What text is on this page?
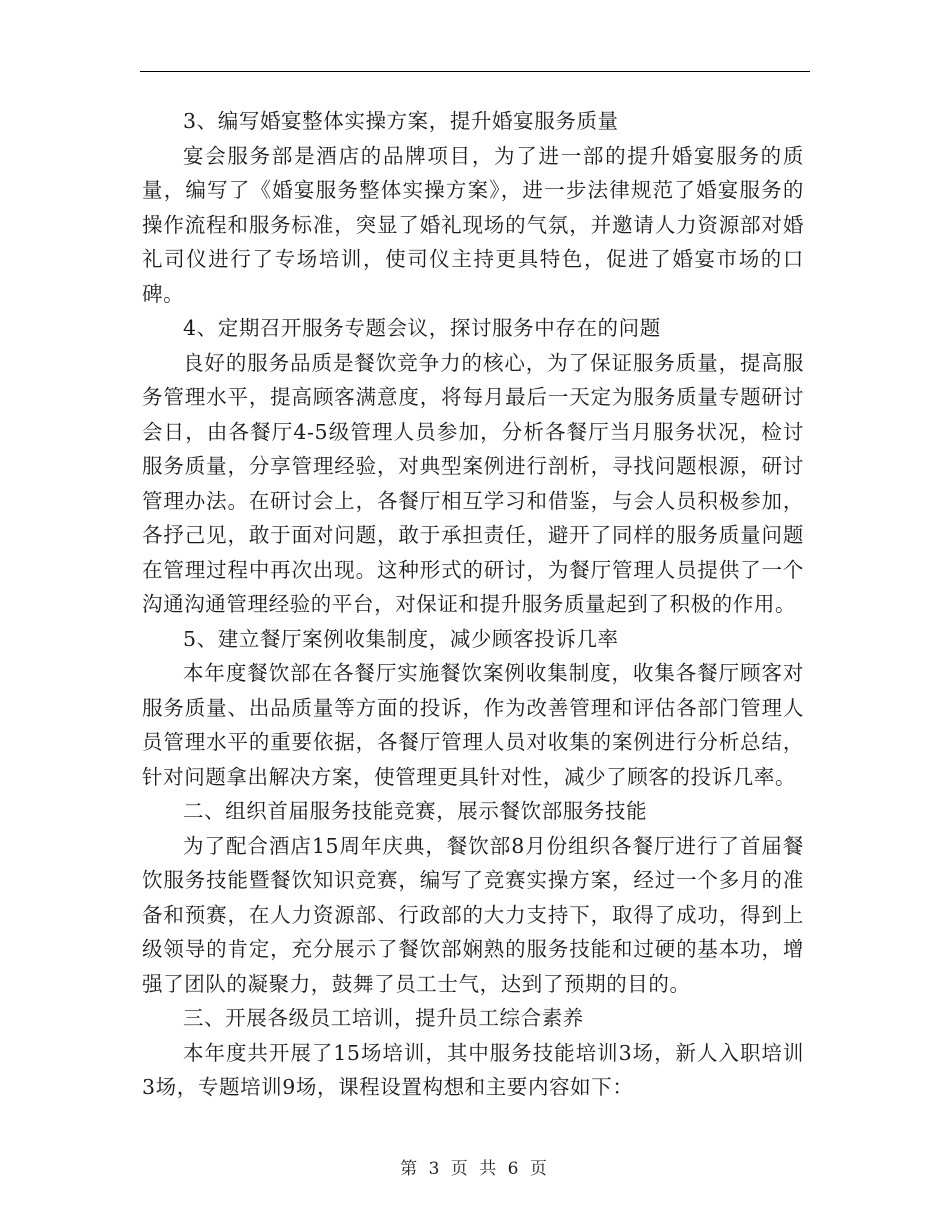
3、编写婚宴整体实操方案，提升婚宴服务质量

宴会服务部是酒店的品牌项目，为了进一部的提升婚宴服务的质量，编写了《婚宴服务整体实操方案》，进一步法律规范了婚宴服务的操作流程和服务标准，突显了婚礼现场的气氛，并邀请人力资源部对婚礼司仪进行了专场培训，使司仪主持更具特色，促进了婚宴市场的口碑。

4、定期召开服务专题会议，探讨服务中存在的问题

良好的服务品质是餐饮竞争力的核心，为了保证服务质量，提高服务管理水平，提高顾客满意度，将每月最后一天定为服务质量专题研讨会日，由各餐厅4-5级管理人员参加，分析各餐厅当月服务状况，检讨服务质量，分享管理经验，对典型案例进行剖析，寻找问题根源，研讨管理办法。在研讨会上，各餐厅相互学习和借鉴，与会人员积极参加，各抒己见，敢于面对问题，敢于承担责任，避开了同样的服务质量问题在管理过程中再次出现。这种形式的研讨，为餐厅管理人员提供了一个沟通沟通管理经验的平台，对保证和提升服务质量起到了积极的作用。

5、建立餐厅案例收集制度，减少顾客投诉几率

本年度餐饮部在各餐厅实施餐饮案例收集制度，收集各餐厅顾客对服务质量、出品质量等方面的投诉，作为改善管理和评估各部门管理人员管理水平的重要依据，各餐厅管理人员对收集的案例进行分析总结，针对问题拿出解决方案，使管理更具针对性，减少了顾客的投诉几率。

二、组织首届服务技能竞赛，展示餐饮部服务技能

为了配合酒店15周年庆典，餐饮部8月份组织各餐厅进行了首届餐饮服务技能暨餐饮知识竞赛，编写了竞赛实操方案，经过一个多月的准备和预赛，在人力资源部、行政部的大力支持下，取得了成功，得到上级领导的肯定，充分展示了餐饮部娴熟的服务技能和过硬的基本功，增强了团队的凝聚力，鼓舞了员工士气，达到了预期的目的。

三、开展各级员工培训，提升员工综合素养

本年度共开展了15场培训，其中服务技能培训3场，新人入职培训3场，专题培训9场，课程设置构想和主要内容如下：

第 3 页 共 6 页
